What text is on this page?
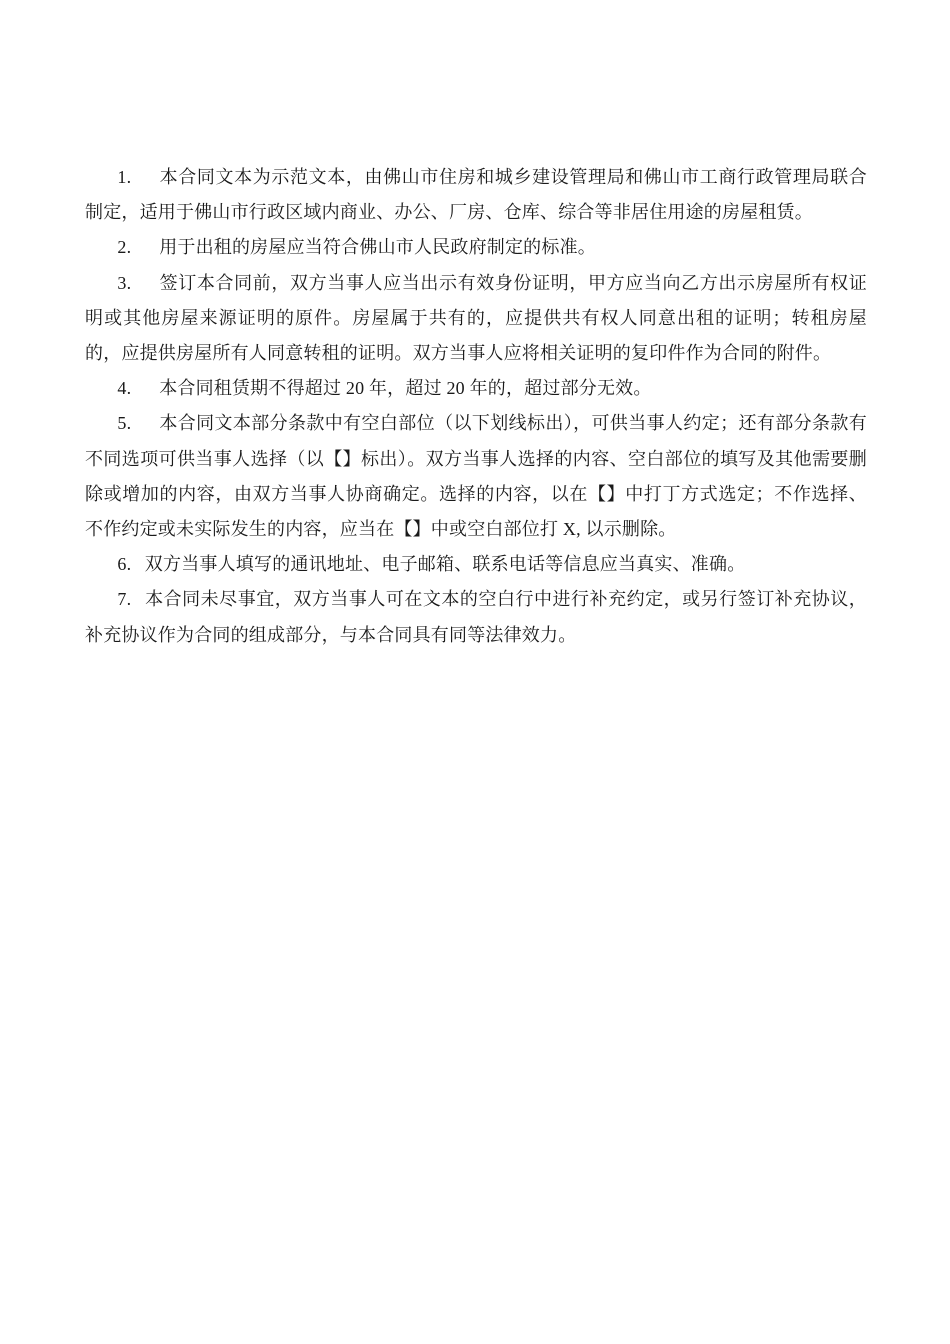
1. 本合同文本为示范文本，由佛山市住房和城乡建设管理局和佛山市工商行政管理局联合制定，适用于佛山市行政区域内商业、办公、厂房、仓库、综合等非居住用途的房屋租赁。

2. 用于出租的房屋应当符合佛山市人民政府制定的标准。

3. 签订本合同前，双方当事人应当出示有效身份证明，甲方应当向乙方出示房屋所有权证明或其他房屋来源证明的原件。房屋属于共有的，应提供共有权人同意出租的证明；转租房屋的，应提供房屋所有人同意转租的证明。双方当事人应将相关证明的复印件作为合同的附件。

4. 本合同租赁期不得超过 20 年，超过 20 年的，超过部分无效。

5. 本合同文本部分条款中有空白部位（以下划线标出），可供当事人约定；还有部分条款有不同选项可供当事人选择（以【】标出）。双方当事人选择的内容、空白部位的填写及其他需要删除或增加的内容，由双方当事人协商确定。选择的内容，以在【】中打丁方式选定；不作选择、不作约定或未实际发生的内容，应当在【】中或空白部位打 X, 以示删除。

6. 双方当事人填写的通讯地址、电子邮箱、联系电话等信息应当真实、准确。

7. 本合同未尽事宜，双方当事人可在文本的空白行中进行补充约定，或另行签订补充协议，补充协议作为合同的组成部分，与本合同具有同等法律效力。
